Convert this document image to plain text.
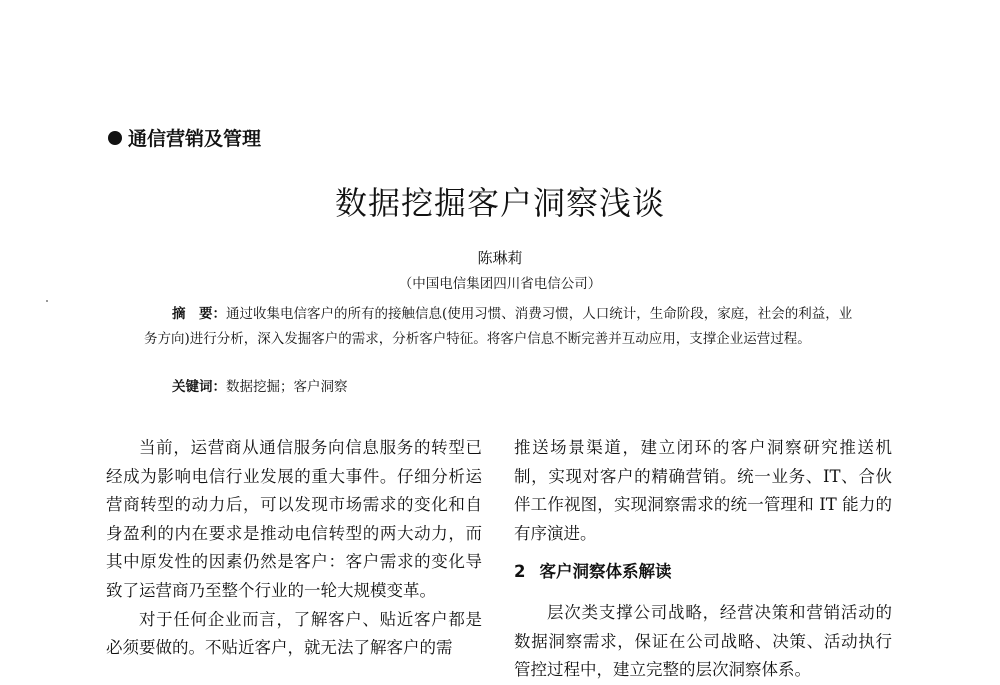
通信营销及管理
数据挖掘客户洞察浅谈
陈琳莉
（中国电信集团四川省电信公司）
摘　要：通过收集电信客户的所有的接触信息(使用习惯、消费习惯，人口统计，生命阶段，家庭，社会的利益，业务方向)进行分析，深入发掘客户的需求，分析客户特征。将客户信息不断完善并互动应用，支撑企业运营过程。
关键词：数据挖掘；客户洞察

当前，运营商从通信服务向信息服务的转型已经成为影响电信行业发展的重大事件。仔细分析运营商转型的动力后，可以发现市场需求的变化和自身盈利的内在要求是推动电信转型的两大动力，而其中原发性的因素仍然是客户：客户需求的变化导致了运营商乃至整个行业的一轮大规模变革。

对于任何企业而言，了解客户、贴近客户都是必须要做的。不贴近客户，就无法了解客户的需

推送场景渠道，建立闭环的客户洞察研究推送机制，实现对客户的精确营销。统一业务、IT、合伙伴工作视图，实现洞察需求的统一管理和 IT 能力的有序演进。

2 客户洞察体系解读

层次类支撑公司战略，经营决策和营销活动的数据洞察需求，保证在公司战略、决策、活动执行管控过程中，建立完整的层次洞察体系。
